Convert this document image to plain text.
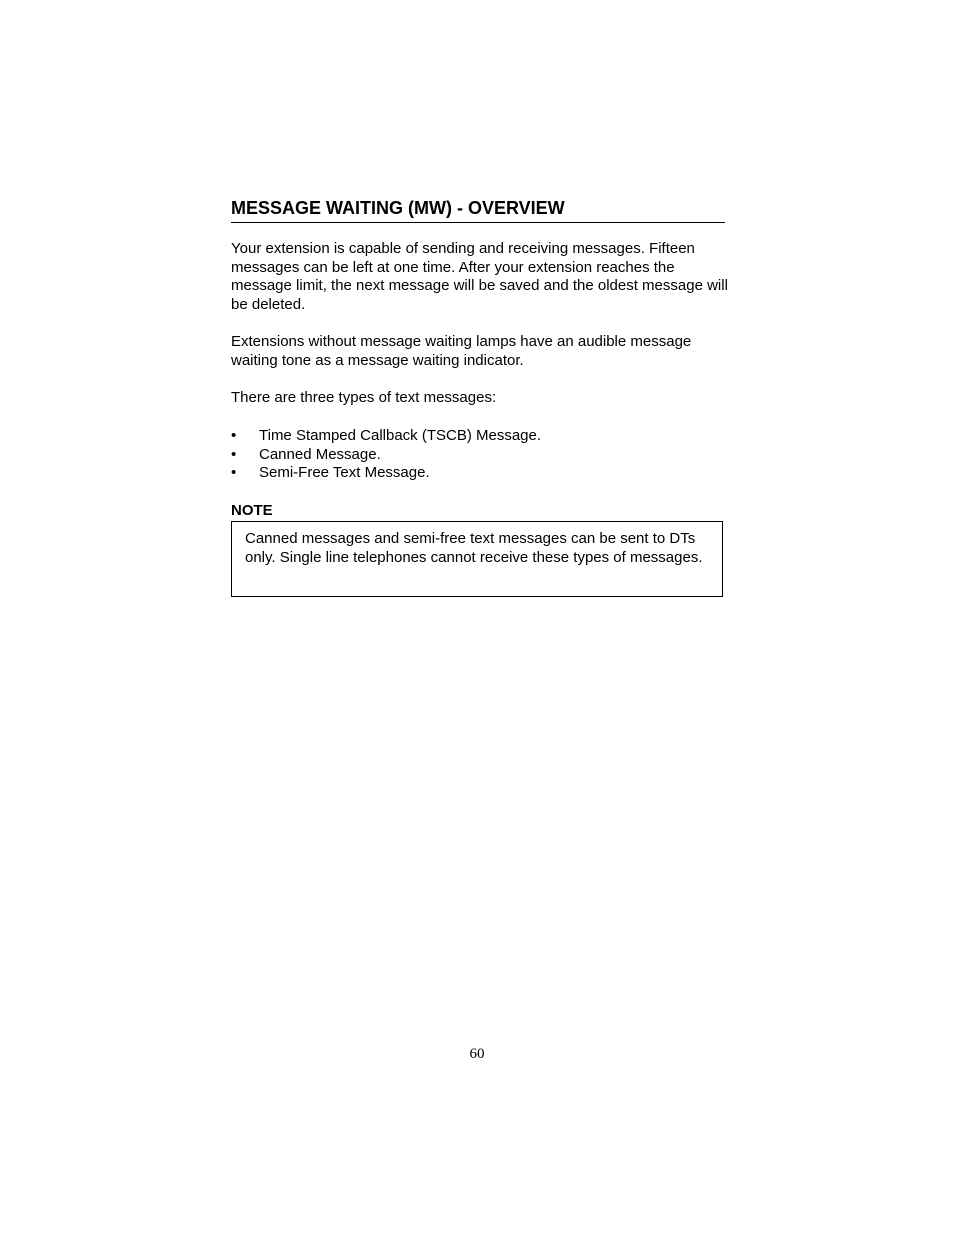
MESSAGE WAITING (MW) - OVERVIEW

Your extension is capable of sending and receiving messages. Fifteen messages can be left at one time. After your extension reaches the message limit, the next message will be saved and the oldest message will be deleted.

Extensions without message waiting lamps have an audible message waiting tone as a message waiting indicator.

There are three types of text messages:

• Time Stamped Callback (TSCB) Message.
• Canned Message.
• Semi-Free Text Message.
NOTE
Canned messages and semi-free text messages can be sent to DTs only. Single line telephones cannot receive these types of messages.
60
